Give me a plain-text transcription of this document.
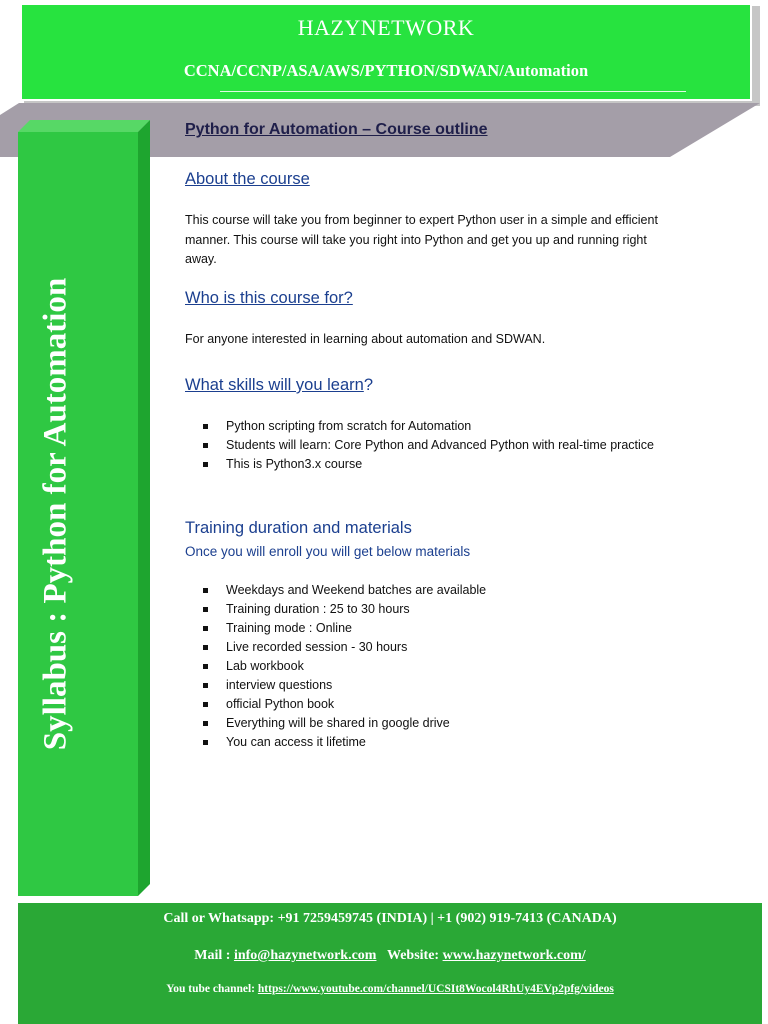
HAZYNETWORK
CCNA/CCNP/ASA/AWS/PYTHON/SDWAN/Automation
Syllabus : Python for Automation
Python for Automation – Course outline
About the course
This course will take you from beginner to expert Python user in a simple and efficient manner. This course will take you right into Python and get you up and running right away.
Who is this course for?
For anyone interested in learning about automation and SDWAN.
What skills will you learn?
Python scripting from scratch for Automation
Students will learn: Core Python and Advanced Python with real-time practice
This is Python3.x course
Training duration and materials
Once you will enroll you will get below materials
Weekdays and Weekend batches are available
Training duration : 25 to 30 hours
Training mode : Online
Live recorded session - 30 hours
Lab workbook
interview questions
official Python book
Everything will be shared in google drive
You can access it lifetime
Call or Whatsapp: +91 7259459745 (INDIA) | +1 (902) 919-7413 (CANADA)
Mail : info@hazynetwork.com Website: www.hazynetwork.com/
You tube channel: https://www.youtube.com/channel/UCSIt8Wocol4RhUy4EVp2pfg/videos
